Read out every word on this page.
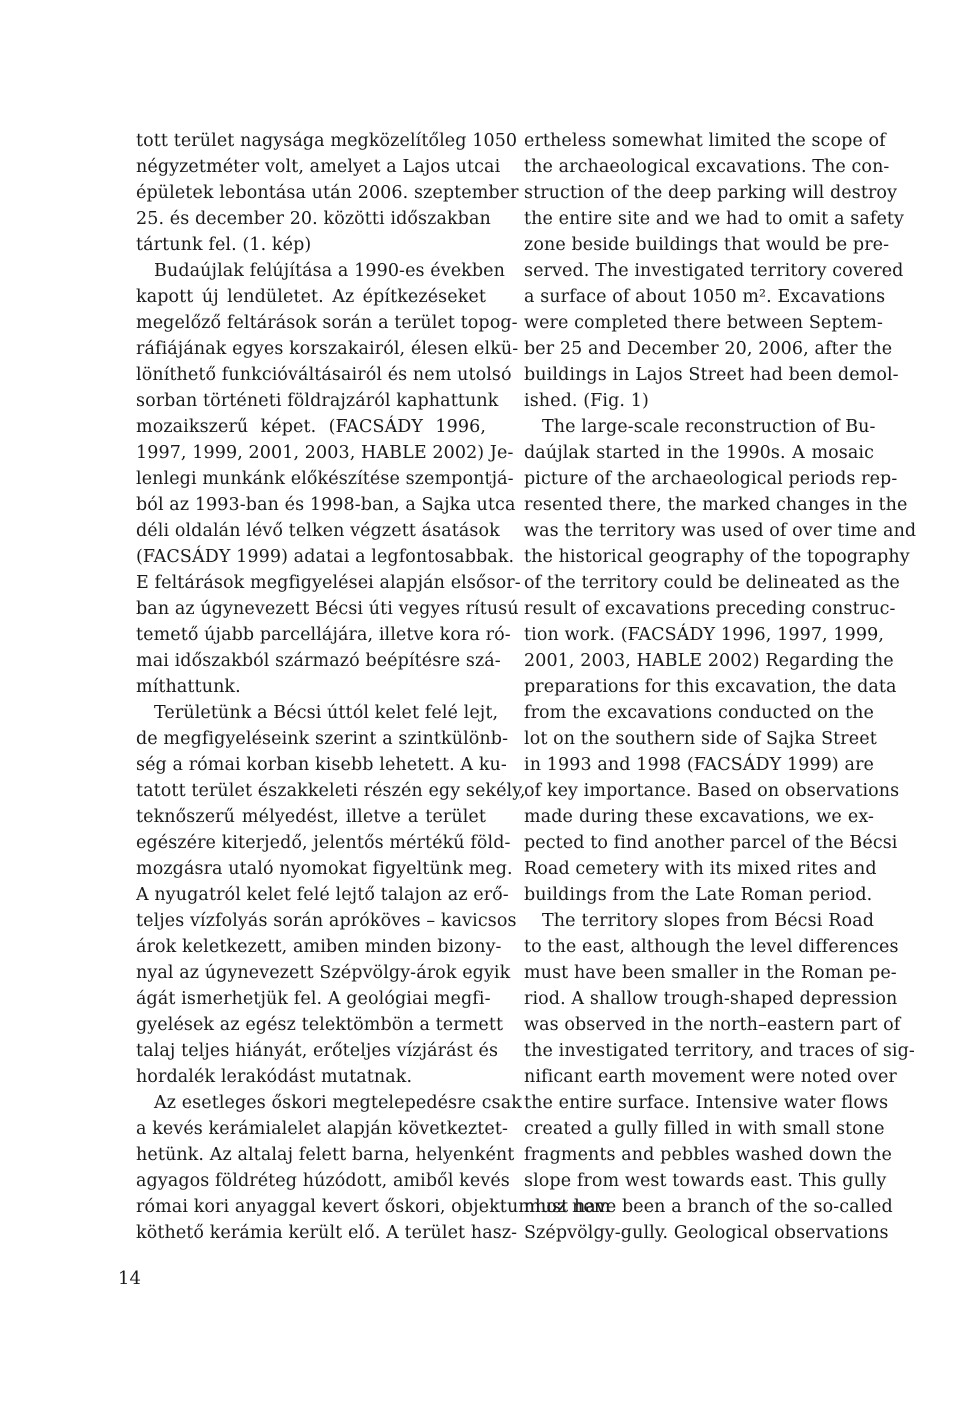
tott terület nagysága megközelítőleg 1050
négyzetméter volt, amelyet a Lajos utcai
épületek lebontása után 2006. szeptember
25. és december 20. közötti időszakban
tártunk fel. (1. kép)
Budaújlak felújítása a 1990-es években
kapott új lendületet. Az építkezéseket
megelőző feltárások során a terület topog-
ráfiájának egyes korszakairól, élesen elkü-
löníthető funkcióváltásairól és nem utolsó
sorban történeti földrajzáról kaphattunk
mozaikszerű képet. (FACSÁDY 1996,
1997, 1999, 2001, 2003, HABLE 2002) Je-
lenlegi munkánk előkészítése szempontjá-
ból az 1993-ban és 1998-ban, a Sajka utca
déli oldalán lévő telken végzett ásatások
(FACSÁDY 1999) adatai a legfontosabbak.
E feltárások megfigyelései alapján elsősor-
ban az úgynevezett Bécsi úti vegyes rítusú
temető újabb parcellájára, illetve kora ró-
mai időszakból származó beépítésre szá-
míthattunk.
Területünk a Bécsi úttól kelet felé lejt,
de megfigyeléseink szerint a szintkülönb-
ség a római korban kisebb lehetett. A ku-
tatott terület északkeleti részén egy sekély,
teknőszerű mélyedést, illetve a terület
egészére kiterjedő, jelentős mértékű föld-
mozgásra utaló nyomokat figyeltünk meg.
A nyugatról kelet felé lejtő talajon az erő-
teljes vízfolyás során apróköves – kavicsos
árok keletkezett, amiben minden bizony-
nyal az úgynevezett Szépvölgy-árok egyik
ágát ismerhetjük fel. A geológiai megfi-
gyelések az egész telektömbön a termett
talaj teljes hiányát, erőteljes vízjárást és
hordalék lerakódást mutatnak.
Az esetleges őskori megtelepedésre csak
a kevés kerámialelet alapján következtet-
hetünk. Az altalaj felett barna, helyenként
agyagos földréteg húzódott, amiből kevés
római kori anyaggal kevert őskori, objektumhoz nem
köthető kerámia került elő. A terület hasz-
ertheless somewhat limited the scope of
the archaeological excavations. The con-
struction of the deep parking will destroy
the entire site and we had to omit a safety
zone beside buildings that would be pre-
served. The investigated territory covered
a surface of about 1050 m². Excavations
were completed there between Septem-
ber 25 and December 20, 2006, after the
buildings in Lajos Street had been demol-
ished. (Fig. 1)
The large-scale reconstruction of Bu-
daújlak started in the 1990s. A mosaic
picture of the archaeological periods rep-
resented there, the marked changes in the
was the territory was used of over time and
the historical geography of the topography
of the territory could be delineated as the
result of excavations preceding construc-
tion work. (FACSÁDY 1996, 1997, 1999,
2001, 2003, HABLE 2002) Regarding the
preparations for this excavation, the data
from the excavations conducted on the
lot on the southern side of Sajka Street
in 1993 and 1998 (FACSÁDY 1999) are
of key importance. Based on observations
made during these excavations, we ex-
pected to find another parcel of the Bécsi
Road cemetery with its mixed rites and
buildings from the Late Roman period.
The territory slopes from Bécsi Road
to the east, although the level differences
must have been smaller in the Roman pe-
riod. A shallow trough-shaped depression
was observed in the north–eastern part of
the investigated territory, and traces of sig-
nificant earth movement were noted over
the entire surface. Intensive water flows
created a gully filled in with small stone
fragments and pebbles washed down the
slope from west towards east. This gully
must have been a branch of the so-called
Szépvölgy-gully. Geological observations
14
